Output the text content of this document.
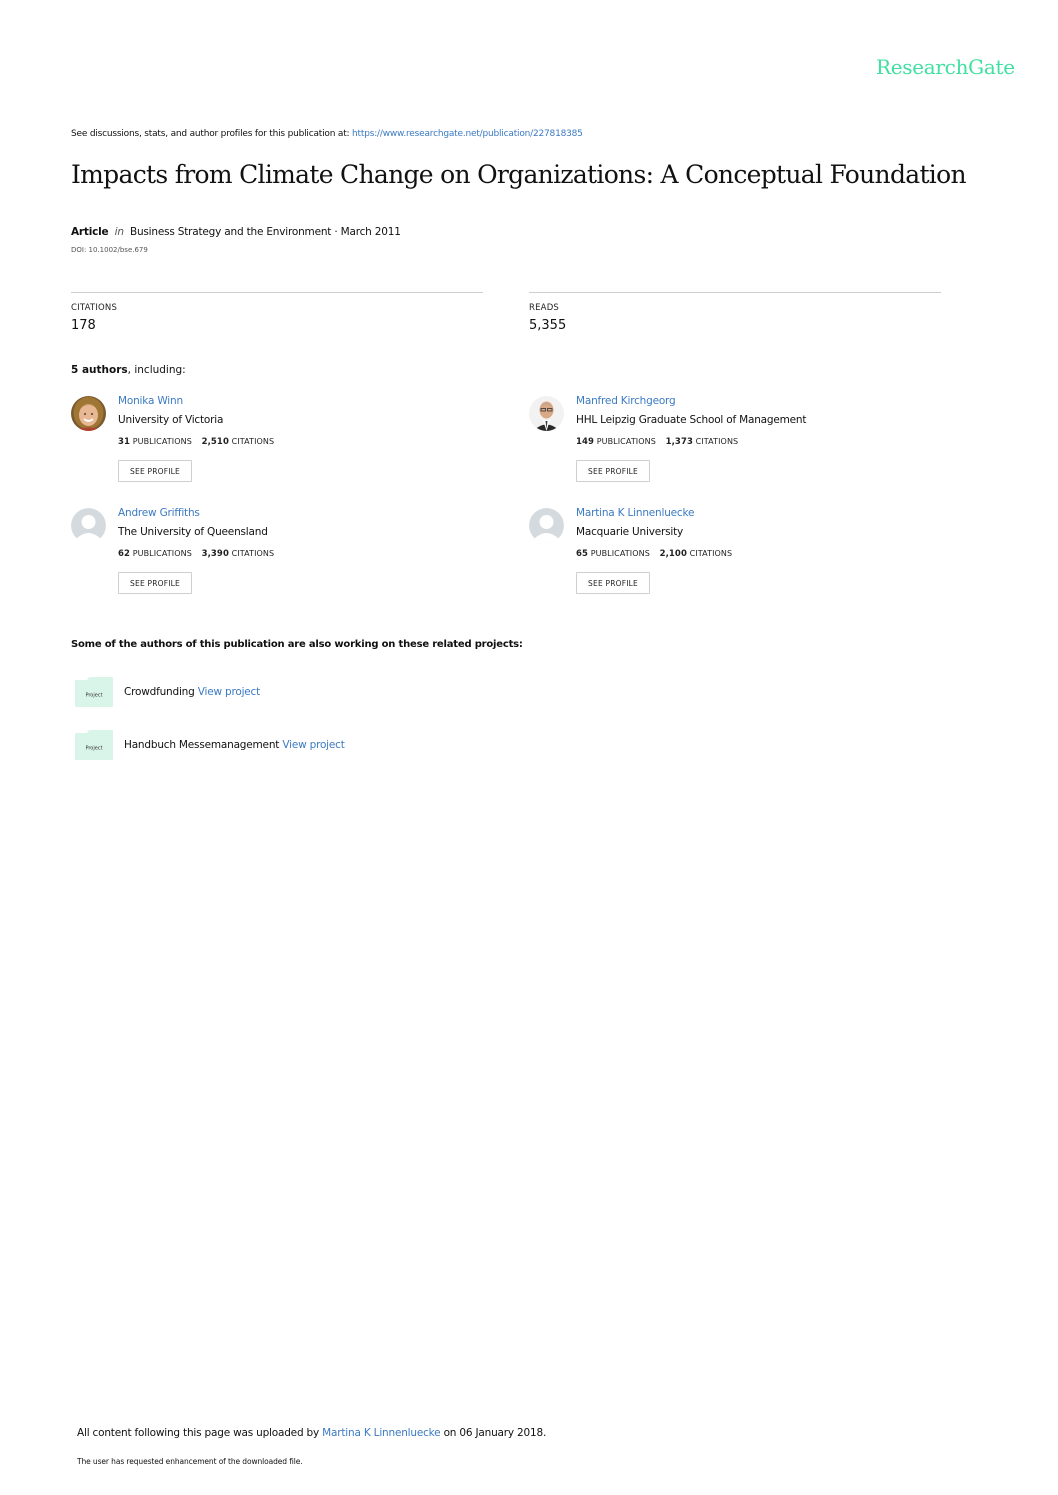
ResearchGate
See discussions, stats, and author profiles for this publication at: https://www.researchgate.net/publication/227818385
Impacts from Climate Change on Organizations: A Conceptual Foundation
Article in Business Strategy and the Environment · March 2011
DOI: 10.1002/bse.679
CITATIONS
178
READS
5,355
5 authors, including:
Monika Winn
University of Victoria
31 PUBLICATIONS 2,510 CITATIONS
SEE PROFILE
Manfred Kirchgeorg
HHL Leipzig Graduate School of Management
149 PUBLICATIONS 1,373 CITATIONS
SEE PROFILE
Andrew Griffiths
The University of Queensland
62 PUBLICATIONS 3,390 CITATIONS
SEE PROFILE
Martina K Linnenluecke
Macquarie University
65 PUBLICATIONS 2,100 CITATIONS
SEE PROFILE
Some of the authors of this publication are also working on these related projects:
Project Crowdfunding View project
Project Handbuch Messemanagement View project
All content following this page was uploaded by Martina K Linnenluecke on 06 January 2018.
The user has requested enhancement of the downloaded file.
